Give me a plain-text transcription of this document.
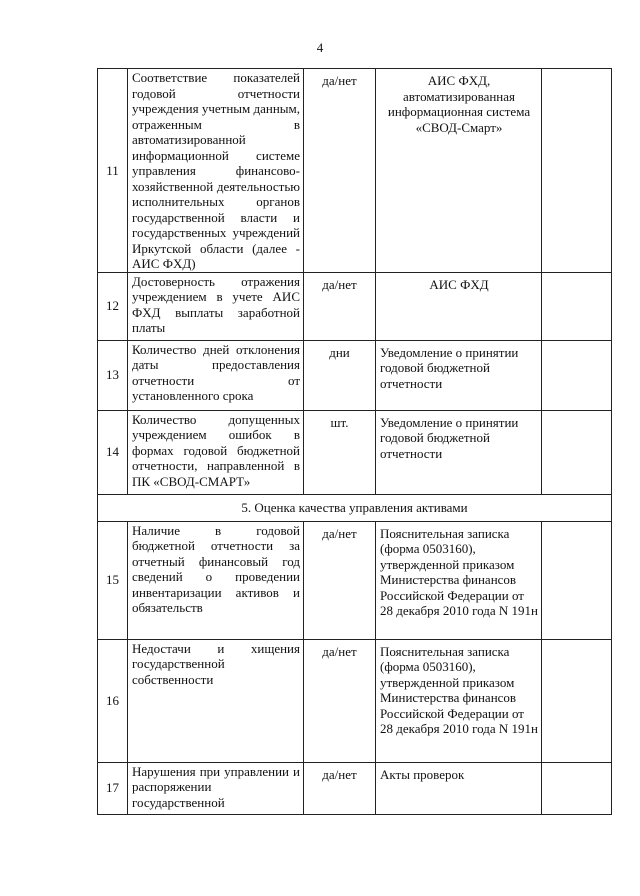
4
11	Соответствие показателей годовой отчетности учреждения учетным данным, отраженным в автоматизированной информационной системе управления финансово-хозяйственной деятельностью исполнительных органов государственной власти и государственных учреждений Иркутской области (далее - АИС ФХД)	да/нет	АИС ФХД, автоматизированная информационная система «СВОД-Смарт»	
12	Достоверность отражения учреждением в учете АИС ФХД выплаты заработной платы	да/нет	АИС ФХД	
13	Количество дней отклонения даты предоставления отчетности от установленного срока	дни	Уведомление о принятии годовой бюджетной отчетности	
14	Количество допущенных учреждением ошибок в формах годовой бюджетной отчетности, направленной в ПК «СВОД-СМАРТ»	шт.	Уведомление о принятии годовой бюджетной отчетности	
5. Оценка качества управления активами				
15	Наличие в годовой бюджетной отчетности за отчетный финансовый год сведений о проведении инвентаризации активов и обязательств	да/нет	Пояснительная записка (форма 0503160), утвержденной приказом Министерства финансов Российской Федерации от 28 декабря 2010 года N 191н	
16	Недостачи и хищения государственной собственности	да/нет	Пояснительная записка (форма 0503160), утвержденной приказом Министерства финансов Российской Федерации от 28 декабря 2010 года N 191н	
17	Нарушения при управлении и распоряжении государственной	да/нет	Акты проверок	
